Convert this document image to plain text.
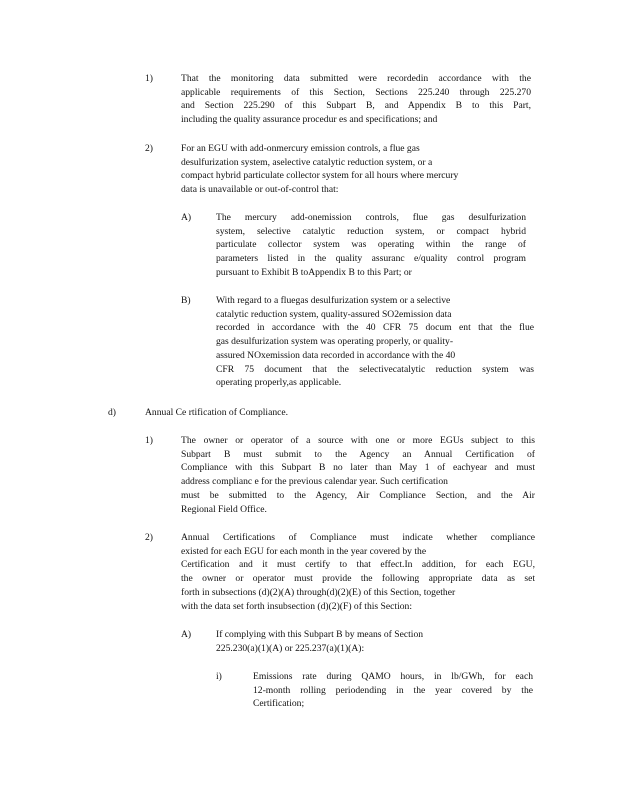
1)	That the monitoring data submitted were recordedin accordance with the
applicable requirements of this Section, Sections 225.240 through 225.270
and Section 225.290 of this Subpart B, and Appendix B to this Part,
including the quality assurance procedur es and specifications; and
2)	For an EGU with add-onmercury emission controls, a flue gas
desulfurization system, aselective catalytic reduction system, or a
compact hybrid particulate collector system for all hours where mercury
data is unavailable or out-of-control that:
A)	The mercury add-onemission controls, flue gas desulfurization
system, selective catalytic reduction system, or compact hybrid
particulate collector system was operating within the range of
parameters listed in the quality assuranc e/quality control program
pursuant to Exhibit B toAppendix B to this Part; or
B)	With regard to a fluegas desulfurization system or a selective
catalytic reduction system, quality-assured SO2emission data
recorded in accordance with the 40 CFR 75 docum ent that the flue
gas desulfurization system was operating properly, or quality-
assured NOxemission data recorded in accordance with the 40
CFR 75 document that the selectivecatalytic reduction system was
operating properly,as applicable.
d)	Annual Ce rtification of Compliance.
1)	The owner or operator of a source with one or more EGUs subject to this
Subpart B must submit to the Agency an Annual Certification of
Compliance with this Subpart B no later than May 1 of eachyear and must
address complianc e for the previous calendar year. Such certification
must be submitted to the Agency, Air Compliance Section, and the Air
Regional Field Office.
2)	Annual Certifications of Compliance must indicate whether compliance
existed for each EGU for each month in the year covered by the
Certification and it must certify to that effect.In addition, for each EGU,
the owner or operator must provide the following appropriate data as set
forth in subsections (d)(2)(A) through(d)(2)(E) of this Section, together
with the data set forth insubsection (d)(2)(F) of this Section:
A)	If complying with this Subpart B by means of Section
225.230(a)(1)(A) or 225.237(a)(1)(A):
i)	Emissions rate during QAMO hours, in lb/GWh, for each
12-month rolling periodending in the year covered by the
Certification;
